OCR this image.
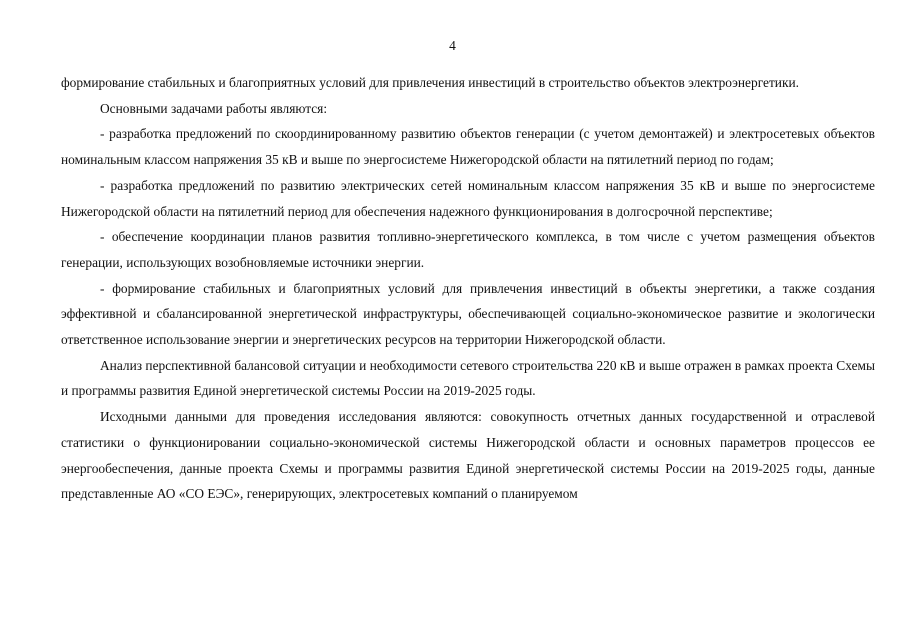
4

формирование стабильных и благоприятных условий для привлечения инвестиций в строительство объектов электроэнергетики.

Основными задачами работы являются:

- разработка предложений по скоординированному развитию объектов генерации (с учетом демонтажей) и электросетевых объектов номинальным классом напряжения 35 кВ и выше по энергосистеме Нижегородской области на пятилетний период по годам;

- разработка предложений по развитию электрических сетей номинальным классом напряжения 35 кВ и выше по энергосистеме Нижегородской области на пятилетний период для обеспечения надежного функционирования в долгосрочной перспективе;

- обеспечение координации планов развития топливно-энергетического комплекса, в том числе с учетом размещения объектов генерации, использующих возобновляемые источники энергии.

- формирование стабильных и благоприятных условий для привлечения инвестиций в объекты энергетики, а также создания эффективной и сбалансированной энергетической инфраструктуры, обеспечивающей социально-экономическое развитие и экологически ответственное использование энергии и энергетических ресурсов на территории Нижегородской области.

Анализ перспективной балансовой ситуации и необходимости сетевого строительства 220 кВ и выше отражен в рамках проекта Схемы и программы развития Единой энергетической системы России на 2019-2025 годы.

Исходными данными для проведения исследования являются: совокупность отчетных данных государственной и отраслевой статистики о функционировании социально-экономической системы Нижегородской области и основных параметров процессов ее энергообеспечения, данные проекта Схемы и программы развития Единой энергетической системы России на 2019-2025 годы, данные представленные АО «СО ЕЭС», генерирующих, электросетевых компаний о планируемом
